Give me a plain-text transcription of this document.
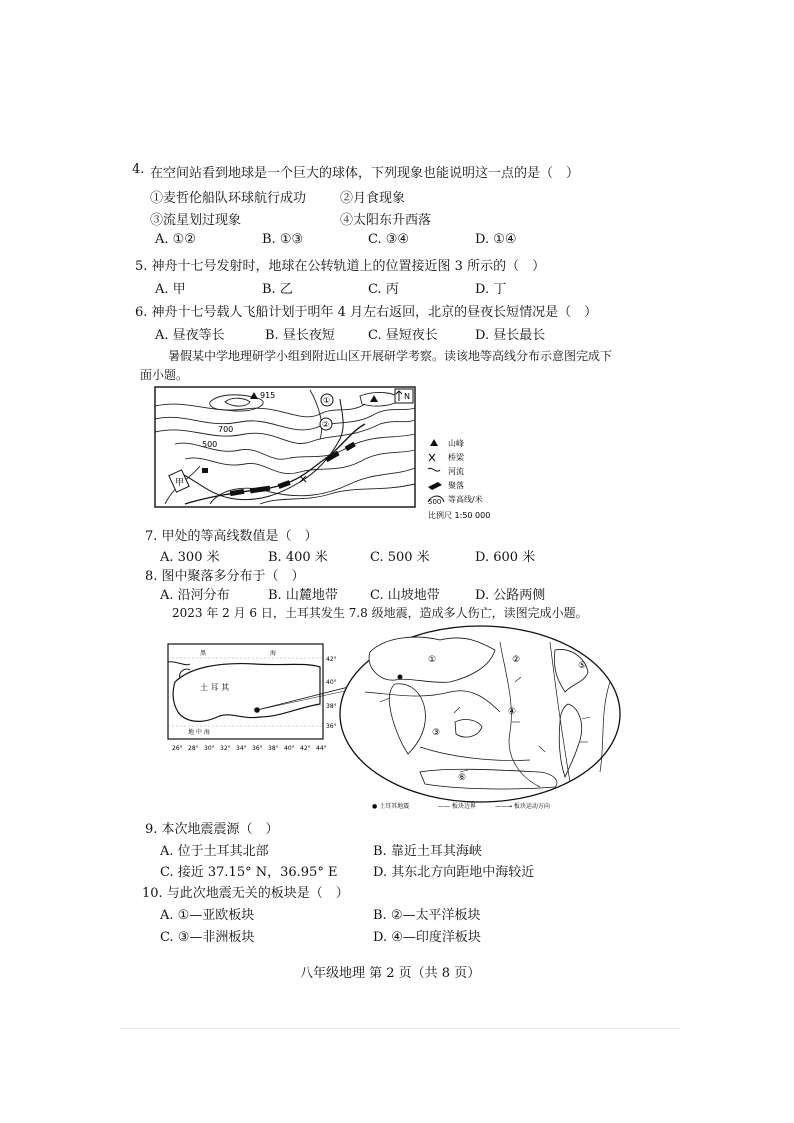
4. 在空间站看到地球是一个巨大的球体，下列现象也能说明这一点的是（　）
①麦哲伦船队环球航行成功	②月食现象
③流星划过现象	④太阳东升西落
A. ①②	B. ①③	C. ③④	D. ①④
5. 神舟十七号发射时，地球在公转轨道上的位置接近图 3 所示的（　）
A. 甲	B. 乙	C. 丙	D. 丁
6. 神舟十七号载人飞船计划于明年 4 月左右返回，北京的昼夜长短情况是（　）
A. 昼夜等长	B. 昼长夜短	C. 昼短夜长	D. 昼长最长
暑假某中学地理研学小组到附近山区开展研学考察。读该地等高线分布示意图完成下
面小题。
甲
915
700
500
①
②
N
山峰
桥梁
河流
聚落
500 等高线/米
比例尺 1:50 000
7. 甲处的等高线数值是（　）
A. 300 米	B. 400 米	C. 500 米	D. 600 米
8. 图中聚落多分布于（　）
A. 沿河分布	B. 山麓地带 C. 山坡地带	D. 公路两侧
2023 年 2 月 6 日，土耳其发生 7.8 级地震，造成多人伤亡，读图完成小题。
土 耳 其
黑	海
地 中 海
42°
40°
38°
36°
26° 28° 30° 32° 34° 36° 38° 40° 42° 44°
①	②
③
④
⑤
⑥
● 土耳其地震	—— 板块边界	——→ 板块运动方向
9. 本次地震震源（　）
A. 位于土耳其北部	B. 靠近土耳其海峡
C. 接近 37.15° N，36.95° E	D. 其东北方向距地中海较近
10. 与此次地震无关的板块是（　）
A. ①—亚欧板块	B. ②—太平洋板块
C. ③—非洲板块	D. ④—印度洋板块
八年级地理 第 2 页（共 8 页）
